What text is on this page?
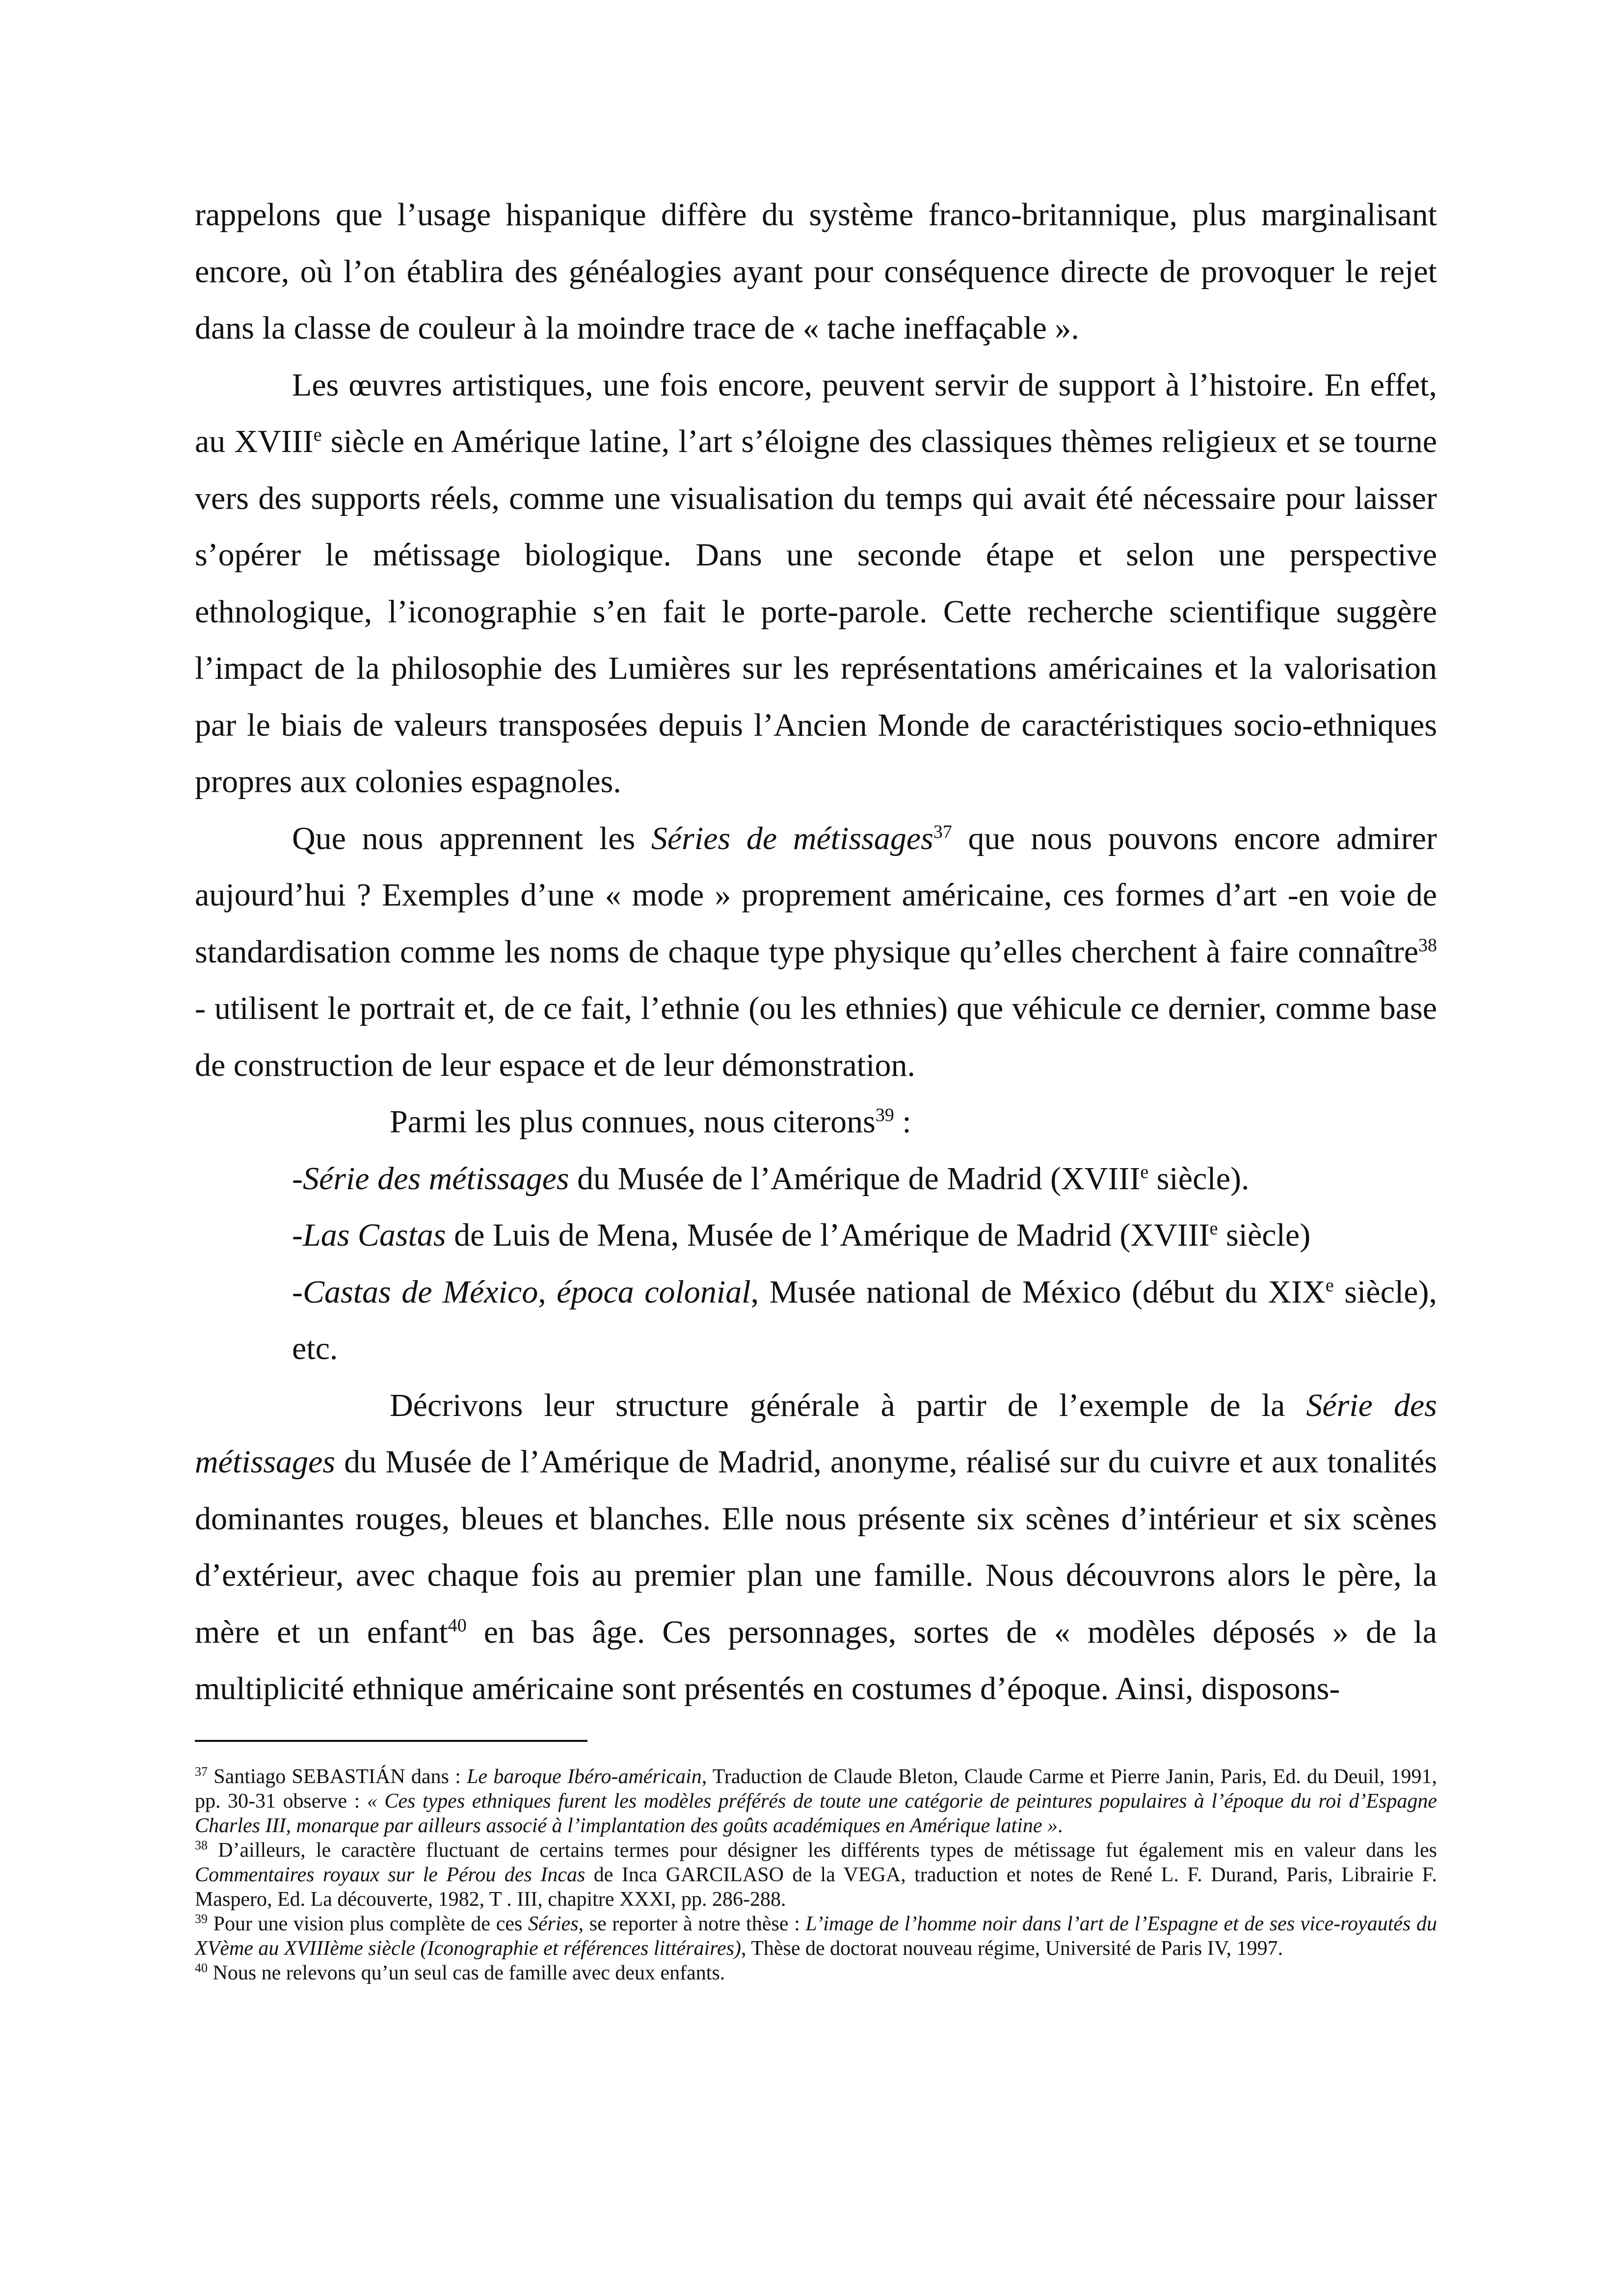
rappelons que l’usage hispanique diffère du système franco-britannique, plus marginalisant encore, où l’on établira des généalogies ayant pour conséquence directe de provoquer le rejet dans la classe de couleur à la moindre trace de « tache ineffaçable ».

Les œuvres artistiques, une fois encore, peuvent servir de support à l’histoire. En effet, au XVIIIe siècle en Amérique latine, l’art s’éloigne des classiques thèmes religieux et se tourne vers des supports réels, comme une visualisation du temps qui avait été nécessaire pour laisser s’opérer le métissage biologique. Dans une seconde étape et selon une perspective ethnologique, l’iconographie s’en fait le porte-parole. Cette recherche scientifique suggère l’impact de la philosophie des Lumières sur les représentations américaines et la valorisation par le biais de valeurs transposées depuis l’Ancien Monde de caractéristiques socio-ethniques propres aux colonies espagnoles.

Que nous apprennent les Séries de métissages$^{37}$ que nous pouvons encore admirer aujourd’hui ? Exemples d’une « mode » proprement américaine, ces formes d’art -en voie de standardisation comme les noms de chaque type physique qu’elles cherchent à faire connaître$^{38}$ - utilisent le portrait et, de ce fait, l’ethnie (ou les ethnies) que véhicule ce dernier, comme base de construction de leur espace et de leur démonstration.

Parmi les plus connues, nous citerons$^{39}$ :

-Série des métissages du Musée de l’Amérique de Madrid (XVIIIe siècle).

-Las Castas de Luis de Mena, Musée de l’Amérique de Madrid (XVIIIe siècle)

-Castas de México, época colonial, Musée national de México (début du XIXe siècle), etc.

Décrivons leur structure générale à partir de l’exemple de la Série des métissages du Musée de l’Amérique de Madrid, anonyme, réalisé sur du cuivre et aux tonalités dominantes rouges, bleues et blanches. Elle nous présente six scènes d’intérieur et six scènes d’extérieur, avec chaque fois au premier plan une famille. Nous découvrons alors le père, la mère et un enfant$^{40}$ en bas âge. Ces personnages, sortes de « modèles déposés » de la multiplicité ethnique américaine sont présentés en costumes d’époque. Ainsi, disposons-

$^{37}$ Santiago SEBASTIÁN dans : Le baroque Ibéro-américain, Traduction de Claude Bleton, Claude Carme et Pierre Janin, Paris, Ed. du Deuil, 1991, pp. 30-31 observe : « Ces types ethniques furent les modèles préférés de toute une catégorie de peintures populaires à l’époque du roi d’Espagne Charles III, monarque par ailleurs associé à l’implantation des goûts académiques en Amérique latine ».

$^{38}$ D’ailleurs, le caractère fluctuant de certains termes pour désigner les différents types de métissage fut également mis en valeur dans les Commentaires royaux sur le Pérou des Incas de Inca GARCILASO de la VEGA, traduction et notes de René L. F. Durand, Paris, Librairie F. Maspero, Ed. La découverte, 1982, T . III, chapitre XXXI, pp. 286-288.

$^{39}$ Pour une vision plus complète de ces Séries, se reporter à notre thèse : L’image de l’homme noir dans l’art de l’Espagne et de ses vice-royautés du XVème au XVIIIème siècle (Iconographie et références littéraires), Thèse de doctorat nouveau régime, Université de Paris IV, 1997.

$^{40}$ Nous ne relevons qu’un seul cas de famille avec deux enfants.
